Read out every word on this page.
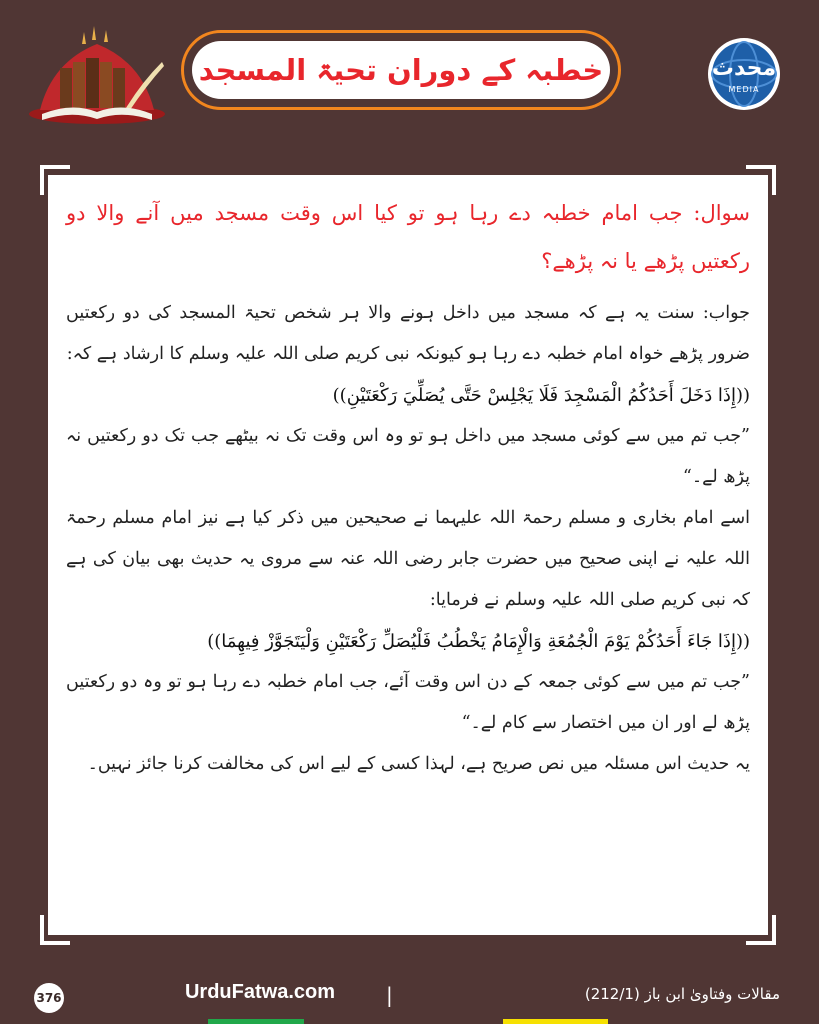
خطبہ کے دوران تحیۃ المسجد	محدث
MEDIA

سوال: جب امام خطبہ دے رہا ہو تو کیا اس وقت مسجد میں آنے والا دو رکعتیں پڑھے یا نہ پڑھے؟

جواب: سنت یہ ہے کہ مسجد میں داخل ہونے والا ہر شخص تحیۃ المسجد کی دو رکعتیں ضرور پڑھے خواہ امام خطبہ دے رہا ہو کیونکہ نبی کریم صلی اللہ علیہ وسلم کا ارشاد ہے کہ:

((إِذَا دَخَلَ أَحَدُكُمُ الْمَسْجِدَ فَلَا يَجْلِسْ حَتَّى يُصَلِّيَ رَكْعَتَيْنِ))

”جب تم میں سے کوئی مسجد میں داخل ہو تو وہ اس وقت تک نہ بیٹھے جب تک دو رکعتیں نہ پڑھ لے۔“

اسے امام بخاری و مسلم رحمۃ اللہ علیہما نے صحیحین میں ذکر کیا ہے نیز امام مسلم رحمۃ اللہ علیہ نے اپنی صحیح میں حضرت جابر رضی اللہ عنہ سے مروی یہ حدیث بھی بیان کی ہے کہ نبی کریم صلی اللہ علیہ وسلم نے فرمایا:

((إِذَا جَاءَ أَحَدُكُمْ يَوْمَ الْجُمُعَةِ وَالْإِمَامُ يَخْطُبُ فَلْيُصَلِّ رَكْعَتَيْنِ وَلْيَتَجَوَّزْ فِيهِمَا))

”جب تم میں سے کوئی جمعہ کے دن اس وقت آئے، جب امام خطبہ دے رہا ہو تو وہ دو رکعتیں پڑھ لے اور ان میں اختصار سے کام لے۔“

یہ حدیث اس مسئلہ میں نص صریح ہے، لہذا کسی کے لیے اس کی مخالفت کرنا جائز نہیں۔

376	UrduFatwa.com	|	مقالات وفتاویٰ ابن باز (212/1)
